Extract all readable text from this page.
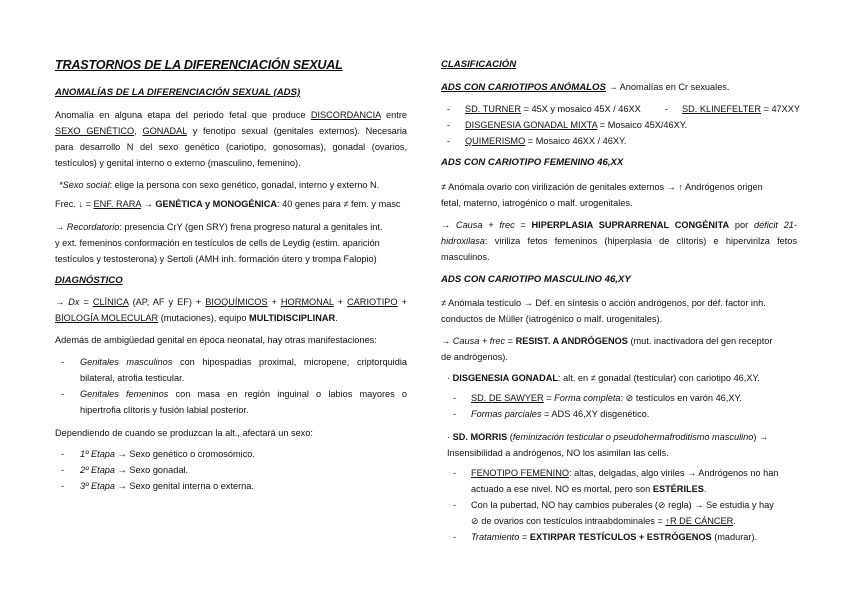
TRASTORNOS DE LA DIFERENCIACIÓN SEXUAL
ANOMALÍAS DE LA DIFERENCIACIÓN SEXUAL (ADS)
Anomalía en alguna etapa del periodo fetal que produce DISCORDANCIA entre
SEXO GENÉTICO, GONADAL y fenotipo sexual (genitales externos). Necesaria
para desarrollo N del sexo genético (cariotipo, gonosomas), gonadal (ovarios,
testículos) y genital interno o externo (masculino, femenino).
*Sexo social: elige la persona con sexo genético, gonadal, interno y externo N.
Frec. ↓ = ENF. RARA → GENÉTICA y MONOGÉNICA: 40 genes para ≠ fem. y masc
→ Recordatorio: presencia CrY (gen SRY) frena progreso natural a genitales int.
y ext. femeninos conformación en testículos de cells de Leydig (estim. aparición
testículos y testosterona) y Sertoli (AMH inh. formación útero y trompa Falopio)
DIAGNÓSTICO
→ Dx = CLÍNICA (AP, AF y EF) + BIOQUÍMICOS + HORMONAL + CARIOTIPO +
BIOLOGÍA MOLECULAR (mutaciones), equipo MULTIDISCIPLINAR.
Además de ambigüedad genital en época neonatal, hay otras manifestaciones:
- Genitales masculinos con hipospadias proximal, micropene, criptorquidia
bilateral, atrofia testicular.
- Genitales femeninos con masa en región inguinal o labios mayores o
hipertrofia clítoris y fusión labial posterior.
Dependiendo de cuando se produzcan la alt., afectará un sexo:
- 1º Etapa → Sexo genético o cromosómico.
- 2º Etapa → Sexo gonadal.
- 3º Etapa → Sexo genital interna o externa.
CLASIFICACIÓN
ADS CON CARIOTIPOS ANÓMALOS → Anomalías en Cr sexuales.
- SD. TURNER = 45X y mosaico 45X / 46XX	- SD. KLINEFELTER = 47XXY
- DISGENESIA GONADAL MIXTA = Mosaico 45X/46XY.
- QUIMERISMO = Mosaico 46XX / 46XY.
ADS CON CARIOTIPO FEMENINO 46,XX
≠ Anómala ovario con virilización de genitales externos → ↑ Andrógenos origen
fetal, materno, iatrogénico o malf. urogenitales.
→ Causa + frec = HIPERPLASIA SUPRARRENAL CONGÉNITA por déficit 21-
hidroxilasa: viriliza fetos femeninos (hiperplasia de clítoris) e hipervirilza fetos
masculinos.
ADS CON CARIOTIPO MASCULINO 46,XY
≠ Anómala testículo → Déf. en síntesis o acción andrógenos, por déf. factor inh.
conductos de Müller (iatrogénico o malf. urogenitales).
→ Causa + frec = RESIST. A ANDRÓGENOS (mut. inactivadora del gen receptor
de andrógenos).
· DISGENESIA GONADAL: alt. en ≠ gonadal (testicular) con cariotipo 46,XY.
- SD. DE SAWYER = Forma completa: ⊘ testículos en varón 46,XY.
- Formas parciales = ADS 46,XY disgenético.
· SD. MORRIS (feminización testicular o pseudohermafroditismo masculino) →
Insensibilidad a andrógenos, NO los asimilan las cells.
- FENOTIPO FEMENINO: altas, delgadas, algo viriles → Andrógenos no han
actuado a ese nivel. NO es mortal, pero son ESTÉRILES.
- Con la pubertad, NO hay cambios puberales (⊘ regla) → Se estudia y hay
⊘ de ovarios con testículos intraabdominales = ↑R DE CÁNCER.
- Tratamiento = EXTIRPAR TESTÍCULOS + ESTRÓGENOS (madurar).
